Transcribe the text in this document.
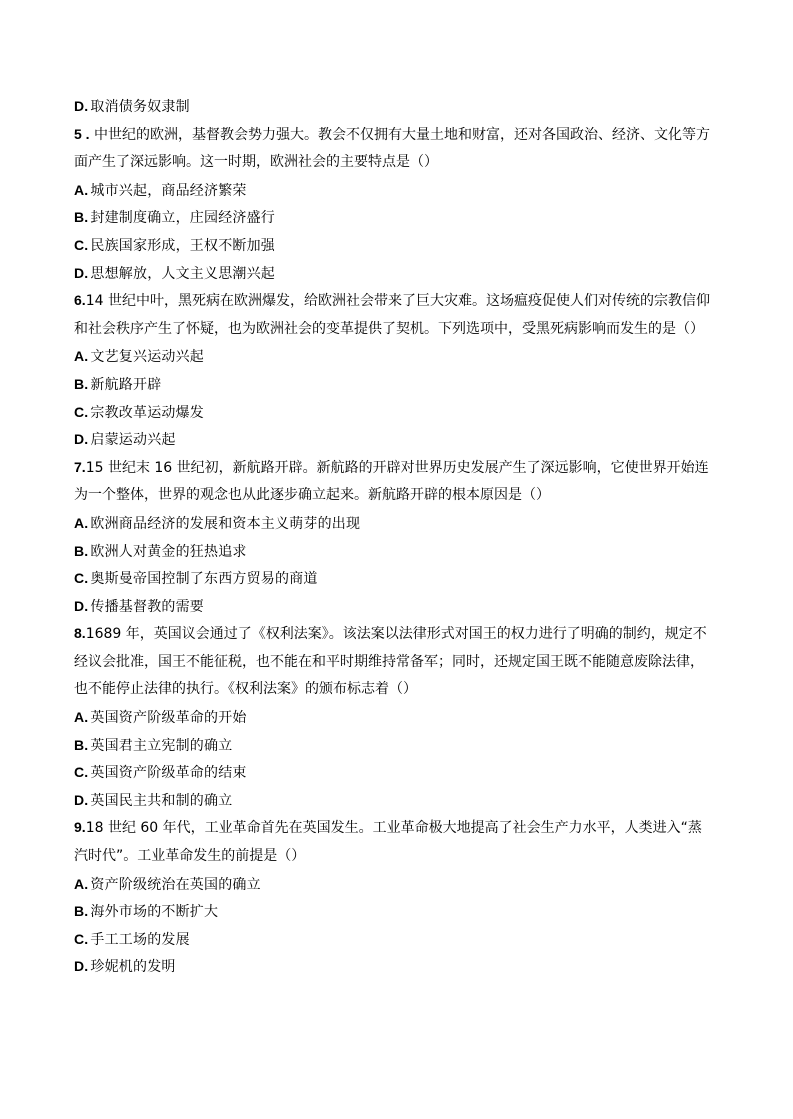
D. 取消债务奴隶制
5 . 中世纪的欧洲，基督教会势力强大。教会不仅拥有大量土地和财富，还对各国政治、经济、文化等方面产生了深远影响。这一时期，欧洲社会的主要特点是（）
A. 城市兴起，商品经济繁荣
B. 封建制度确立，庄园经济盛行
C. 民族国家形成，王权不断加强
D. 思想解放，人文主义思潮兴起
6.14 世纪中叶，黑死病在欧洲爆发，给欧洲社会带来了巨大灾难。这场瘟疫促使人们对传统的宗教信仰和社会秩序产生了怀疑，也为欧洲社会的变革提供了契机。下列选项中，受黑死病影响而发生的是（）
A. 文艺复兴运动兴起
B. 新航路开辟
C. 宗教改革运动爆发
D. 启蒙运动兴起
7.15 世纪末 16 世纪初，新航路开辟。新航路的开辟对世界历史发展产生了深远影响，它使世界开始连为一个整体，世界的观念也从此逐步确立起来。新航路开辟的根本原因是（）
A. 欧洲商品经济的发展和资本主义萌芽的出现
B. 欧洲人对黄金的狂热追求
C. 奥斯曼帝国控制了东西方贸易的商道
D. 传播基督教的需要
8.1689 年，英国议会通过了《权利法案》。该法案以法律形式对国王的权力进行了明确的制约，规定不经议会批准，国王不能征税，也不能在和平时期维持常备军；同时，还规定国王既不能随意废除法律，也不能停止法律的执行。《权利法案》的颁布标志着（）
A. 英国资产阶级革命的开始
B. 英国君主立宪制的确立
C. 英国资产阶级革命的结束
D. 英国民主共和制的确立
9.18 世纪 60 年代，工业革命首先在英国发生。工业革命极大地提高了社会生产力水平，人类进入“蒸汽时代”。工业革命发生的前提是（）
A. 资产阶级统治在英国的确立
B. 海外市场的不断扩大
C. 手工工场的发展
D. 珍妮机的发明
